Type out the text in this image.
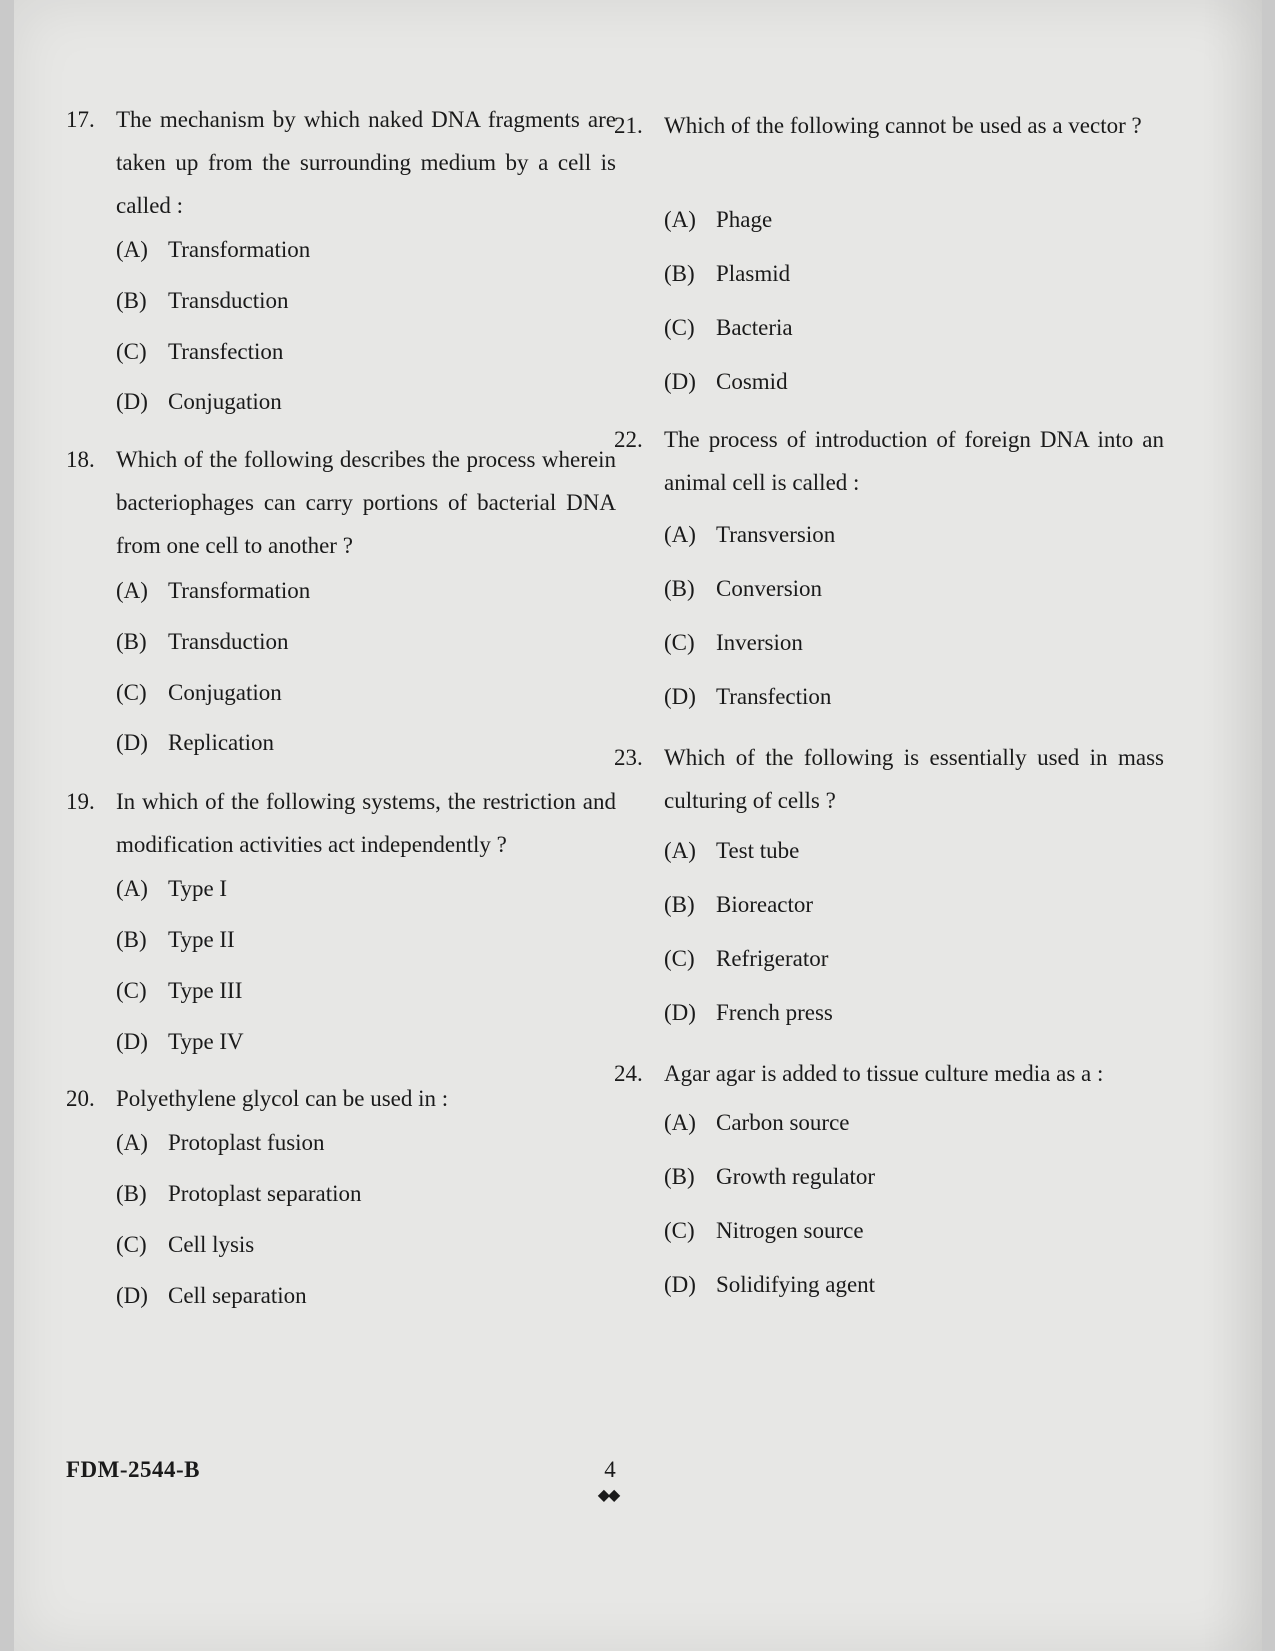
17. The mechanism by which naked DNA fragments are taken up from the surrounding medium by a cell is called :
(A) Transformation
(B) Transduction
(C) Transfection
(D) Conjugation
18. Which of the following describes the process wherein bacteriophages can carry portions of bacterial DNA from one cell to another ?
(A) Transformation
(B) Transduction
(C) Conjugation
(D) Replication
19. In which of the following systems, the restriction and modification activities act independently ?
(A) Type I
(B) Type II
(C) Type III
(D) Type IV
20. Polyethylene glycol can be used in :
(A) Protoplast fusion
(B) Protoplast separation
(C) Cell lysis
(D) Cell separation
21. Which of the following cannot be used as a vector ?
(A) Phage
(B) Plasmid
(C) Bacteria
(D) Cosmid
22. The process of introduction of foreign DNA into an animal cell is called :
(A) Transversion
(B) Conversion
(C) Inversion
(D) Transfection
23. Which of the following is essentially used in mass culturing of cells ?
(A) Test tube
(B) Bioreactor
(C) Refrigerator
(D) French press
24. Agar agar is added to tissue culture media as a :
(A) Carbon source
(B) Growth regulator
(C) Nitrogen source
(D) Solidifying agent
FDM-2544-B	4
◆◆
